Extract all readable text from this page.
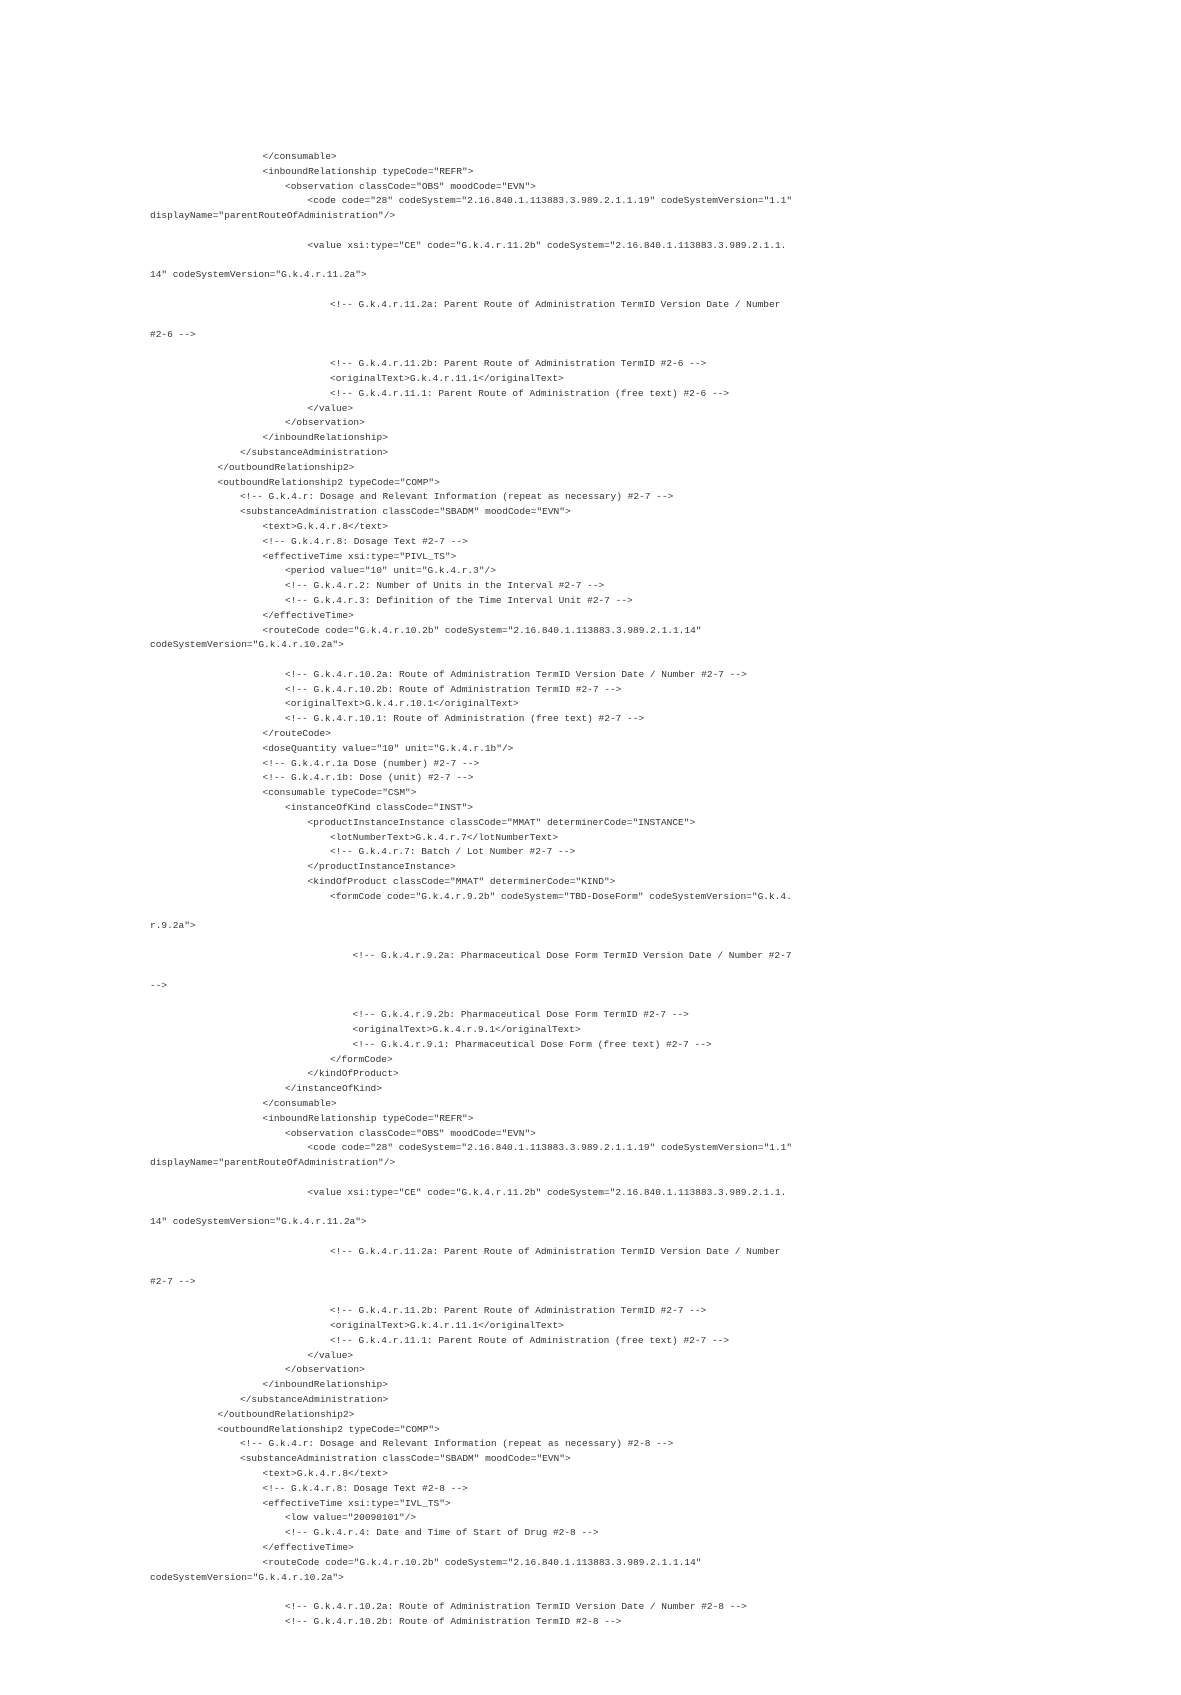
</consumable>
<inboundRelationship typeCode="REFR">
<observation classCode="OBS" moodCode="EVN">
<code code="28" codeSystem="2.16.840.1.113883.3.989.2.1.1.19" codeSystemVersion="1.1"
displayName="parentRouteOfAdministration"/>
<value xsi:type="CE" code="G.k.4.r.11.2b" codeSystem="2.16.840.1.113883.3.989.2.1.1.
14" codeSystemVersion="G.k.4.r.11.2a">
<!-- G.k.4.r.11.2a: Parent Route of Administration TermID Version Date / Number
#2-6 -->
<!-- G.k.4.r.11.2b: Parent Route of Administration TermID #2-6 -->
<originalText>G.k.4.r.11.1</originalText>
<!-- G.k.4.r.11.1: Parent Route of Administration (free text) #2-6 -->
</value>
</observation>
</inboundRelationship>
</substanceAdministration>
</outboundRelationship2>
<outboundRelationship2 typeCode="COMP">
<!-- G.k.4.r: Dosage and Relevant Information (repeat as necessary) #2-7 -->
<substanceAdministration classCode="SBADM" moodCode="EVN">
<text>G.k.4.r.8</text>
<!-- G.k.4.r.8: Dosage Text #2-7 -->
<effectiveTime xsi:type="PIVL_TS">
<period value="10" unit="G.k.4.r.3"/>
<!-- G.k.4.r.2: Number of Units in the Interval #2-7 -->
<!-- G.k.4.r.3: Definition of the Time Interval Unit #2-7 -->
</effectiveTime>
<routeCode code="G.k.4.r.10.2b" codeSystem="2.16.840.1.113883.3.989.2.1.1.14"
codeSystemVersion="G.k.4.r.10.2a">
<!-- G.k.4.r.10.2a: Route of Administration TermID Version Date / Number #2-7 -->
<!-- G.k.4.r.10.2b: Route of Administration TermID #2-7 -->
<originalText>G.k.4.r.10.1</originalText>
<!-- G.k.4.r.10.1: Route of Administration (free text) #2-7 -->
</routeCode>
<doseQuantity value="10" unit="G.k.4.r.1b"/>
<!-- G.k.4.r.1a Dose (number) #2-7 -->
<!-- G.k.4.r.1b: Dose (unit) #2-7 -->
<consumable typeCode="CSM">
<instanceOfKind classCode="INST">
<productInstanceInstance classCode="MMAT" determinerCode="INSTANCE">
<lotNumberText>G.k.4.r.7</lotNumberText>
<!-- G.k.4.r.7: Batch / Lot Number #2-7 -->
</productInstanceInstance>
<kindOfProduct classCode="MMAT" determinerCode="KIND">
<formCode code="G.k.4.r.9.2b" codeSystem="TBD-DoseForm" codeSystemVersion="G.k.4.
r.9.2a">
<!-- G.k.4.r.9.2a: Pharmaceutical Dose Form TermID Version Date / Number #2-7
-->
<!-- G.k.4.r.9.2b: Pharmaceutical Dose Form TermID #2-7 -->
<originalText>G.k.4.r.9.1</originalText>
<!-- G.k.4.r.9.1: Pharmaceutical Dose Form (free text) #2-7 -->
</formCode>
</kindOfProduct>
</instanceOfKind>
</consumable>
<inboundRelationship typeCode="REFR">
<observation classCode="OBS" moodCode="EVN">
<code code="28" codeSystem="2.16.840.1.113883.3.989.2.1.1.19" codeSystemVersion="1.1"
displayName="parentRouteOfAdministration"/>
<value xsi:type="CE" code="G.k.4.r.11.2b" codeSystem="2.16.840.1.113883.3.989.2.1.1.
14" codeSystemVersion="G.k.4.r.11.2a">
<!-- G.k.4.r.11.2a: Parent Route of Administration TermID Version Date / Number
#2-7 -->
<!-- G.k.4.r.11.2b: Parent Route of Administration TermID #2-7 -->
<originalText>G.k.4.r.11.1</originalText>
<!-- G.k.4.r.11.1: Parent Route of Administration (free text) #2-7 -->
</value>
</observation>
</inboundRelationship>
</substanceAdministration>
</outboundRelationship2>
<outboundRelationship2 typeCode="COMP">
<!-- G.k.4.r: Dosage and Relevant Information (repeat as necessary) #2-8 -->
<substanceAdministration classCode="SBADM" moodCode="EVN">
<text>G.k.4.r.8</text>
<!-- G.k.4.r.8: Dosage Text #2-8 -->
<effectiveTime xsi:type="IVL_TS">
<low value="20090101"/>
<!-- G.k.4.r.4: Date and Time of Start of Drug #2-8 -->
</effectiveTime>
<routeCode code="G.k.4.r.10.2b" codeSystem="2.16.840.1.113883.3.989.2.1.1.14"
codeSystemVersion="G.k.4.r.10.2a">
<!-- G.k.4.r.10.2a: Route of Administration TermID Version Date / Number #2-8 -->
<!-- G.k.4.r.10.2b: Route of Administration TermID #2-8 -->
